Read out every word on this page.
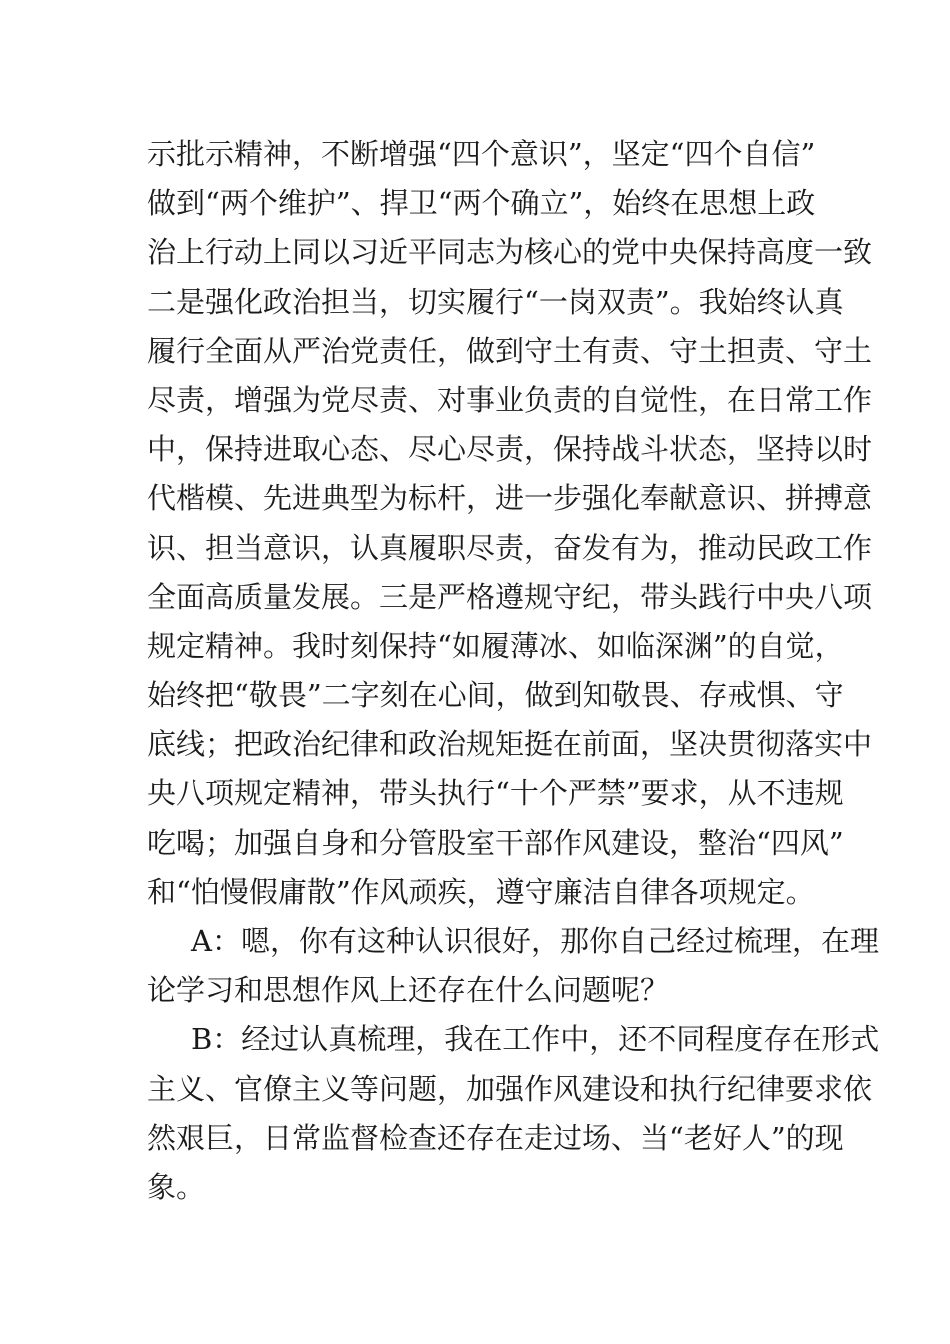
示批示精神，不断增强“四个意识”，坚定“四个自信”
做到“两个维护”、捍卫“两个确立”，始终在思想上政
治上行动上同以习近平同志为核心的党中央保持高度一致
二是强化政治担当，切实履行“一岗双责”。我始终认真
履行全面从严治党责任，做到守土有责、守土担责、守土
尽责，增强为党尽责、对事业负责的自觉性，在日常工作
中，保持进取心态、尽心尽责，保持战斗状态，坚持以时
代楷模、先进典型为标杆，进一步强化奉献意识、拼搏意
识、担当意识，认真履职尽责，奋发有为，推动民政工作
全面高质量发展。三是严格遵规守纪，带头践行中央八项
规定精神。我时刻保持“如履薄冰、如临深渊”的自觉，
始终把“敬畏”二字刻在心间，做到知敬畏、存戒惧、守
底线；把政治纪律和政治规矩挺在前面，坚决贯彻落实中
央八项规定精神，带头执行“十个严禁”要求，从不违规
吃喝；加强自身和分管股室干部作风建设，整治“四风”
和“怕慢假庸散”作风顽疾，遵守廉洁自律各项规定。
A：嗯，你有这种认识很好，那你自己经过梳理，在理
论学习和思想作风上还存在什么问题呢？
B：经过认真梳理，我在工作中，还不同程度存在形式
主义、官僚主义等问题，加强作风建设和执行纪律要求依
然艰巨，日常监督检查还存在走过场、当“老好人”的现
象。
